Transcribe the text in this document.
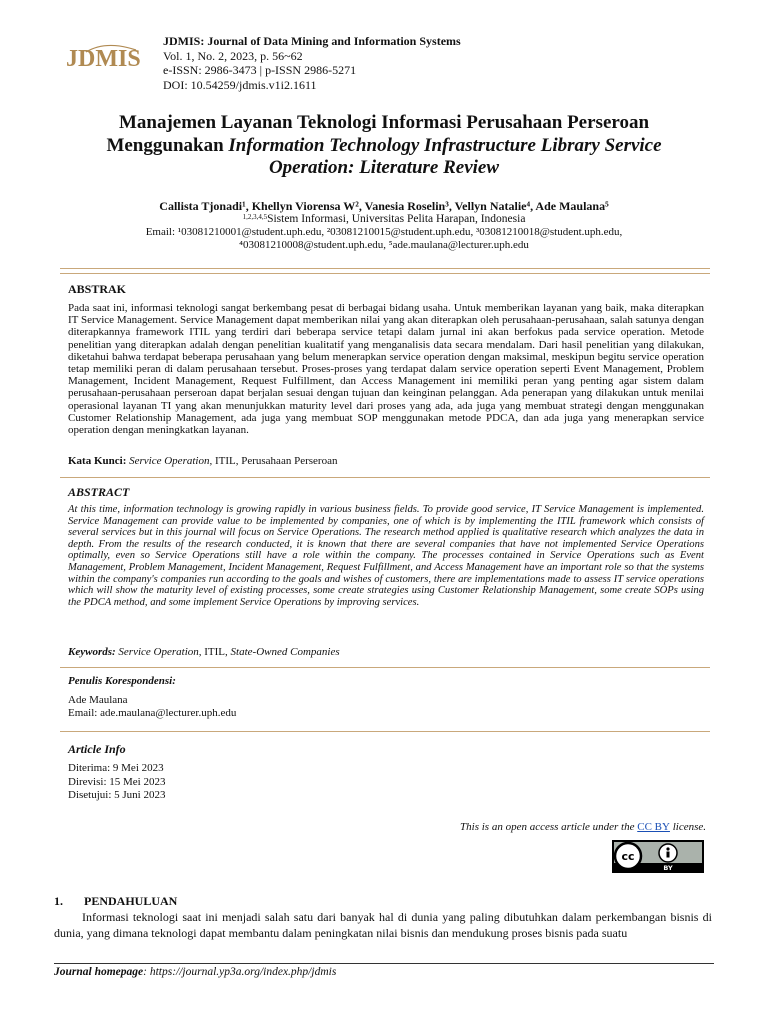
JDMIS
JDMIS: Journal of Data Mining and Information Systems
Vol. 1, No. 2, 2023, p. 56~62
e-ISSN: 2986-3473 | p-ISSN 2986-5271
DOI: 10.54259/jdmis.v1i2.1611
Manajemen Layanan Teknologi Informasi Perusahaan Perseroan
Menggunakan Information Technology Infrastructure Library Service
Operation: Literature Review
Callista Tjonadi¹, Khellyn Viorensa W², Vanesia Roselin³, Vellyn Natalie⁴, Ade Maulana⁵
$^{1,2,3,4,5}$Sistem Informasi, Universitas Pelita Harapan, Indonesia
Email: ¹03081210001@student.uph.edu, ²03081210015@student.uph.edu, ³03081210018@student.uph.edu,
⁴03081210008@student.uph.edu, ⁵ade.maulana@lecturer.uph.edu
ABSTRAK
Pada saat ini, informasi teknologi sangat berkembang pesat di berbagai bidang usaha. Untuk memberikan layanan yang baik, maka diterapkan IT Service Management. Service Management dapat memberikan nilai yang akan diterapkan oleh perusahaan-perusahaan, salah satunya dengan diterapkannya framework ITIL yang terdiri dari beberapa service tetapi dalam jurnal ini akan berfokus pada service operation. Metode penelitian yang diterapkan adalah dengan penelitian kualitatif yang menganalisis data secara mendalam. Dari hasil penelitian yang dilakukan, diketahui bahwa terdapat beberapa perusahaan yang belum menerapkan service operation dengan maksimal, meskipun begitu service operation tetap memiliki peran di dalam perusahaan tersebut. Proses-proses yang terdapat dalam service operation seperti Event Management, Problem Management, Incident Management, Request Fulfillment, dan Access Management ini memiliki peran yang penting agar sistem dalam perusahaan-perusahaan perseroan dapat berjalan sesuai dengan tujuan dan keinginan pelanggan. Ada penerapan yang dilakukan untuk menilai operasional layanan TI yang akan menunjukkan maturity level dari proses yang ada, ada juga yang membuat strategi dengan menggunakan Customer Relationship Management, ada juga yang membuat SOP menggunakan metode PDCA, dan ada juga yang menerapkan service operation dengan meningkatkan layanan.
Kata Kunci: Service Operation, ITIL, Perusahaan Perseroan
ABSTRACT
At this time, information technology is growing rapidly in various business fields. To provide good service, IT Service Management is implemented. Service Management can provide value to be implemented by companies, one of which is by implementing the ITIL framework which consists of several services but in this journal will focus on Service Operations. The research method applied is qualitative research which analyzes the data in depth. From the results of the research conducted, it is known that there are several companies that have not implemented Service Operations optimally, even so Service Operations still have a role within the company. The processes contained in Service Operations such as Event Management, Problem Management, Incident Management, Request Fulfillment, and Access Management have an important role so that the systems within the company's companies run according to the goals and wishes of customers, there are implementations made to assess IT service operations which will show the maturity level of existing processes, some create strategies using Customer Relationship Management, some create SOPs using the PDCA method, and some implement Service Operations by improving services.
Keywords: Service Operation, ITIL, State-Owned Companies
Penulis Korespondensi:
Ade Maulana
Email: ade.maulana@lecturer.uph.edu
Article Info
Diterima: 9 Mei 2023
Direvisi: 15 Mei 2023
Disetujui: 5 Juni 2023
This is an open access article under the CC BY license.
cc
BY
1. PENDAHULUAN
Informasi teknologi saat ini menjadi salah satu dari banyak hal di dunia yang paling dibutuhkan dalam perkembangan bisnis di dunia, yang dimana teknologi dapat membantu dalam peningkatan nilai bisnis dan mendukung proses bisnis pada suatu
Journal homepage: https://journal.yp3a.org/index.php/jdmis
